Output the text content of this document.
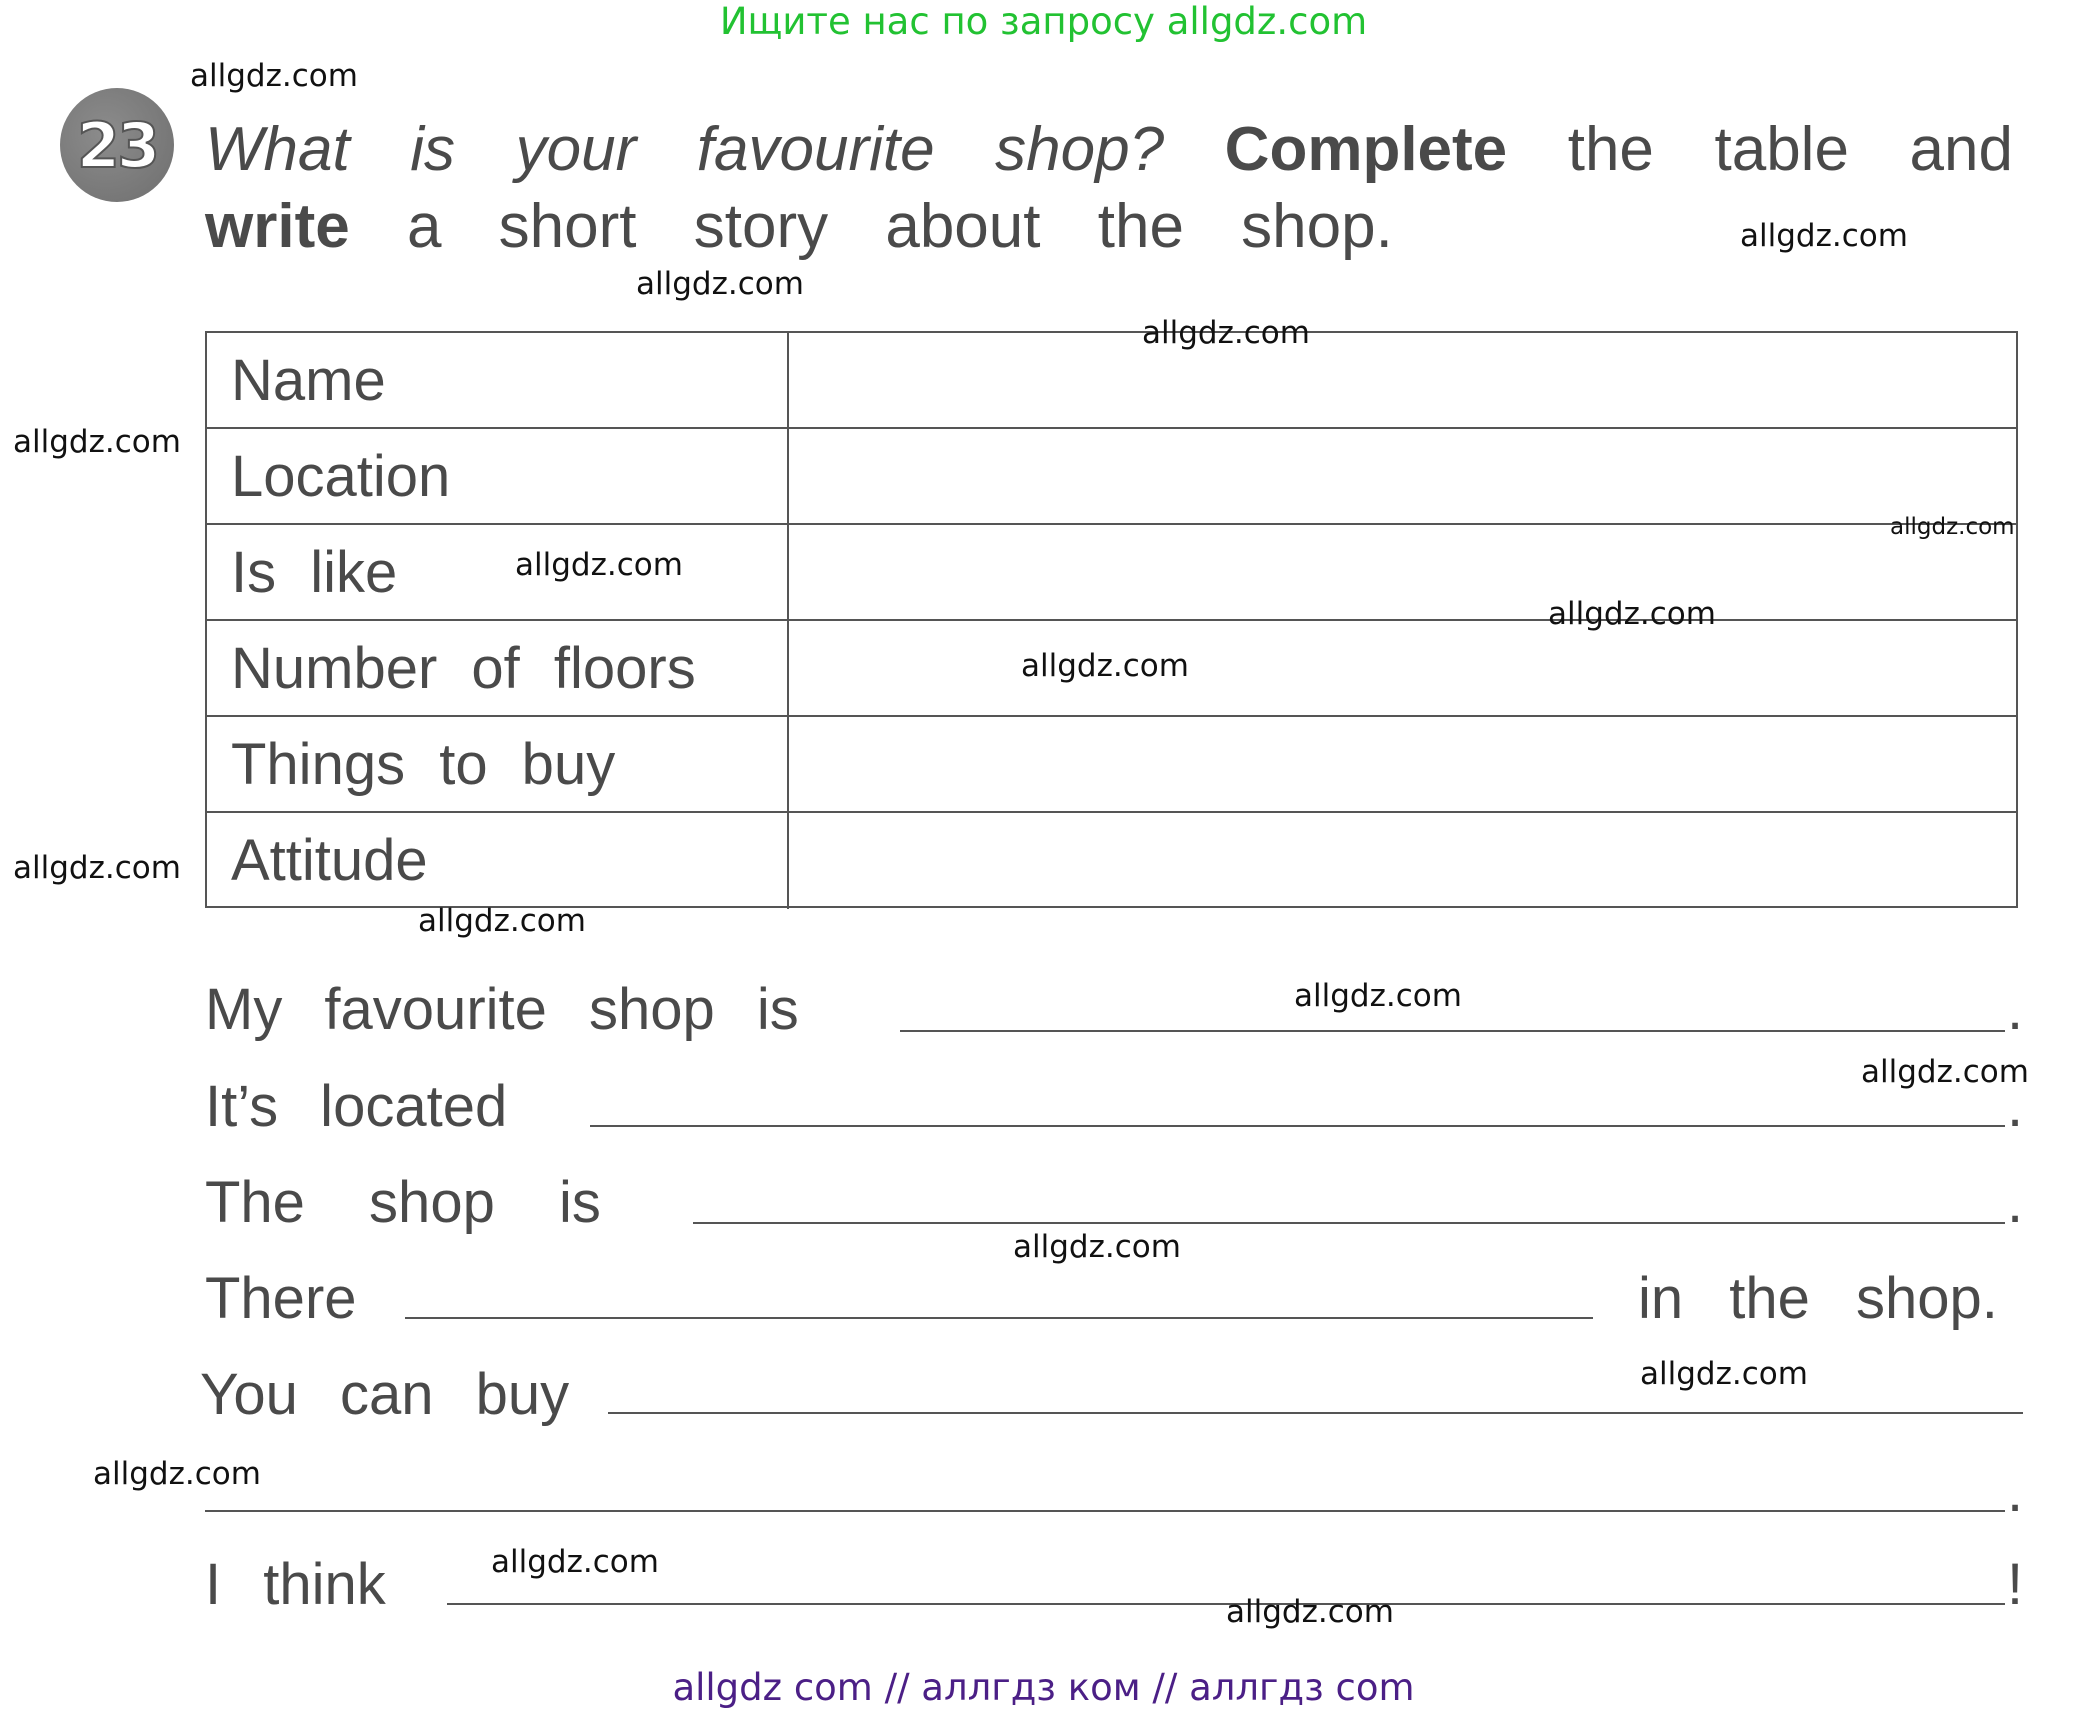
Ищите нас по запросу allgdz.com
23 What is your favourite shop? Complete the table and
write a short story about the shop.
Name
Location
Is like
Number of floors
Things to buy
Attitude
My favourite shop is	.
It’s located	.
The shop is	.
There	in the shop.
You can buy
.
I think	!
allgdz.com
allgdz.com
allgdz.com
allgdz.com
allgdz.com
allgdz.com
allgdz.com
allgdz.com
allgdz.com
allgdz.com
allgdz.com
allgdz.com
allgdz.com
allgdz.com
allgdz.com
allgdz.com
allgdz.com
allgdz.com
allgdz com // аллгдз ком // аллгдз com
